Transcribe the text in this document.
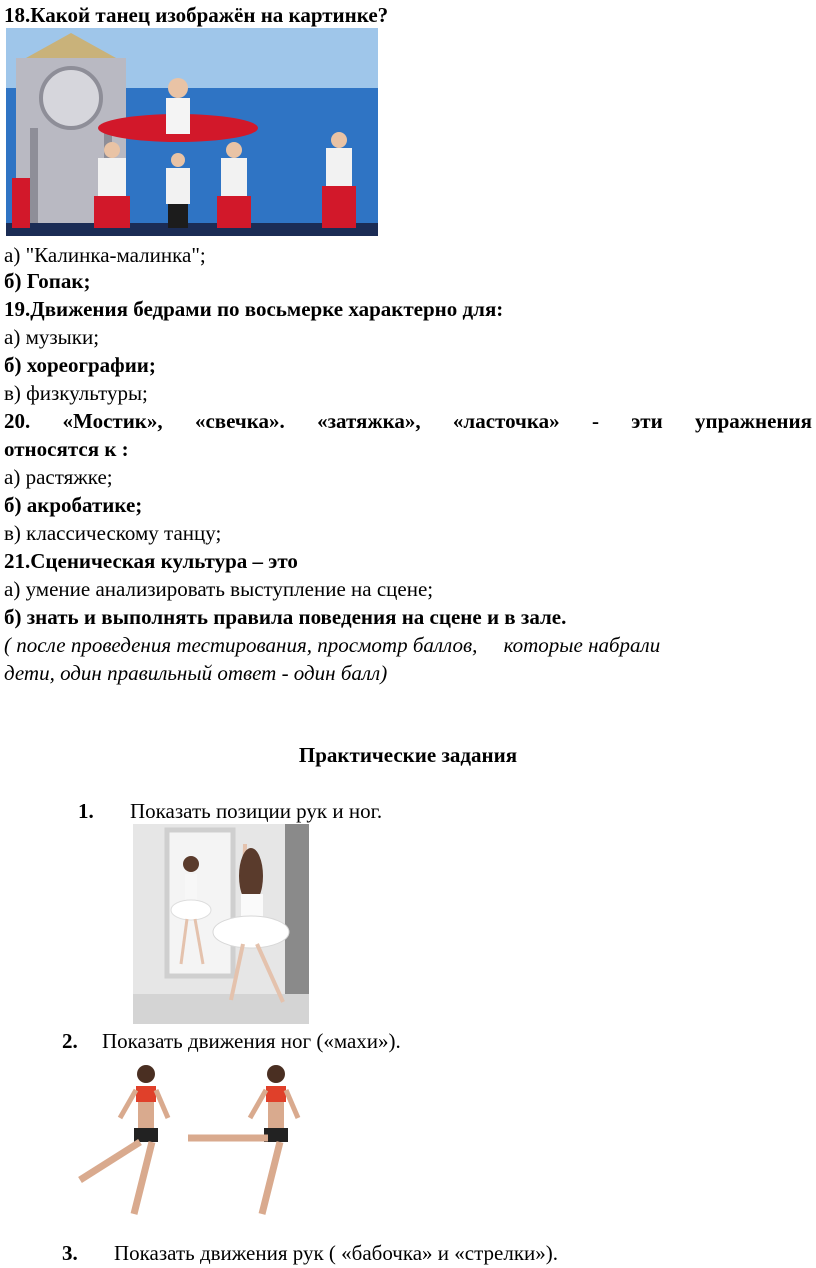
18.Какой танец изображён на картинке?
а) "Калинка-малинка";
б) Гопак;
19.Движения бедрами по восьмерке характерно для:
а) музыки;
б) хореографии;
в) физкультуры;
20. «Мостик», «свечка». «затяжка», «ласточка» - эти упражнения
относятся к :
а) растяжке;
б) акробатике;
в) классическому танцу;
21.Сценическая культура – это
а) умение анализировать выступление на сцене;
б) знать и выполнять правила поведения на сцене и в зале.
( после проведения тестирования, просмотр баллов,     которые набрали
дети, один правильный ответ - один балл)
Практические задания
1. Показать позиции рук и ног.
2. Показать движения ног («махи»).
3. Показать движения рук ( «бабочка» и «стрелки»).
